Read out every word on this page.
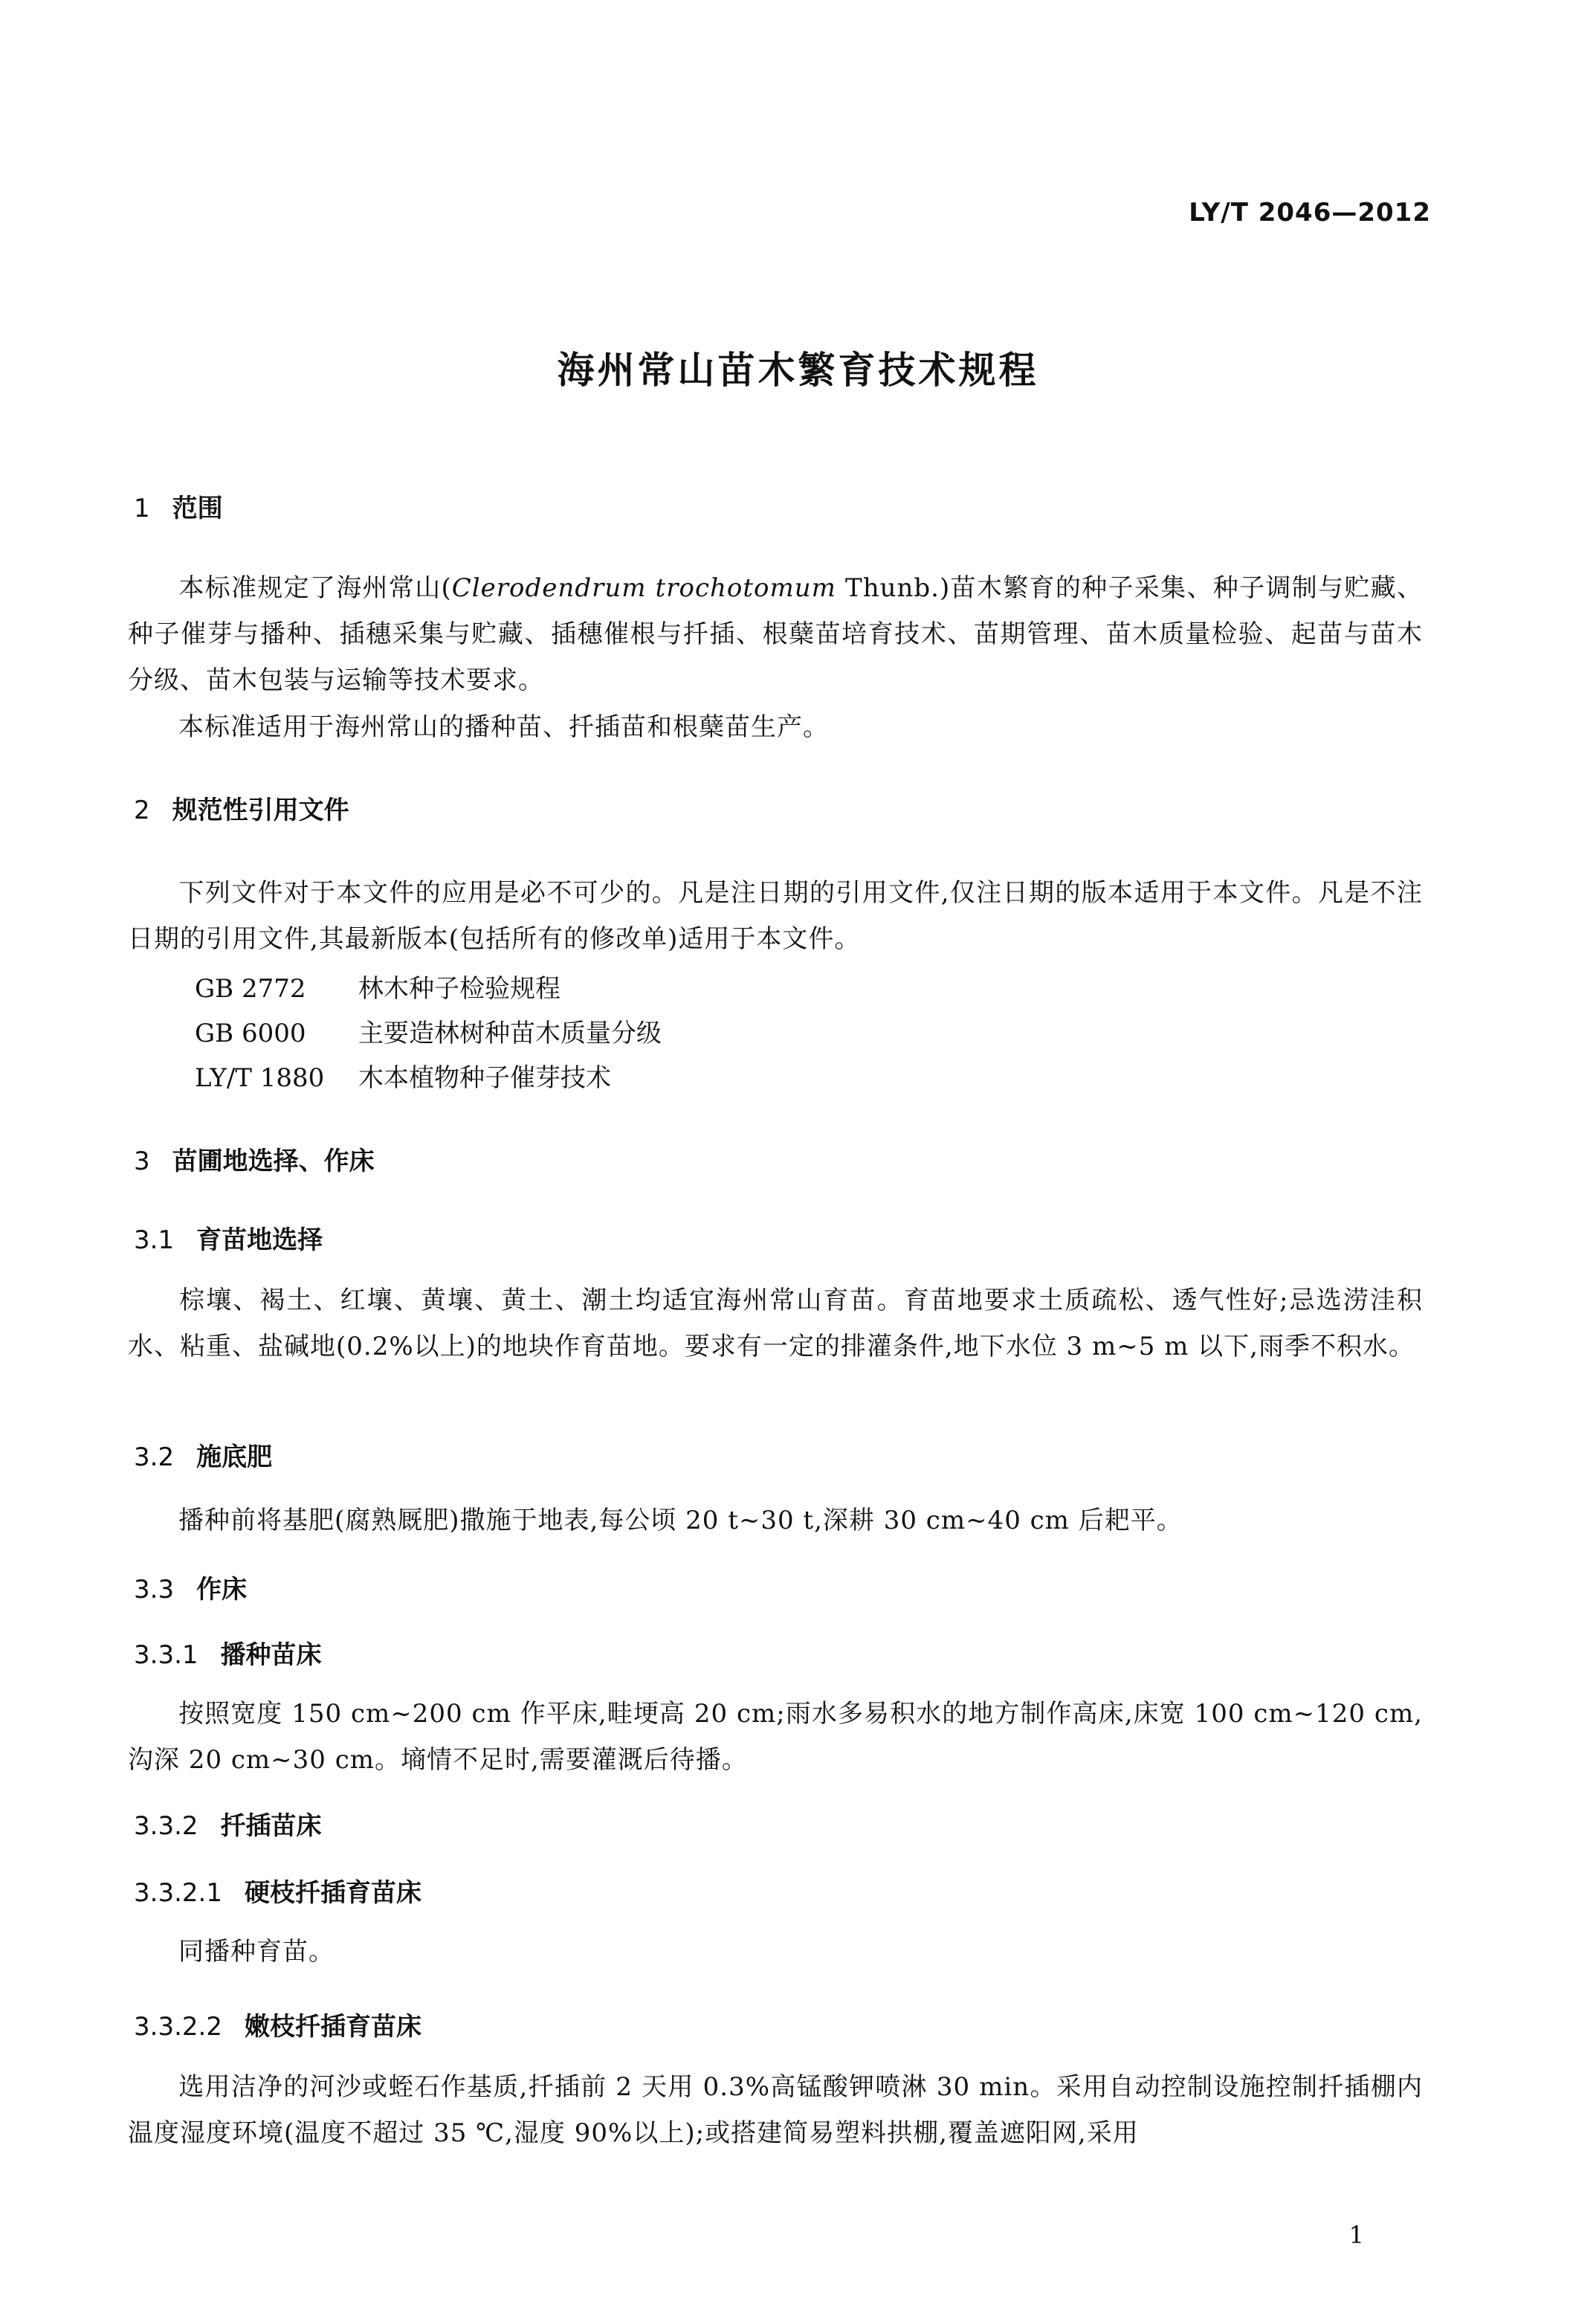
LY/T 2046—2012
海州常山苗木繁育技术规程
1 范围
本标准规定了海州常山(Clerodendrum trochotomum Thunb.)苗木繁育的种子采集、种子调制与贮藏、种子催芽与播种、插穗采集与贮藏、插穗催根与扦插、根蘖苗培育技术、苗期管理、苗木质量检验、起苗与苗木分级、苗木包装与运输等技术要求。
本标准适用于海州常山的播种苗、扦插苗和根蘖苗生产。
2 规范性引用文件
下列文件对于本文件的应用是必不可少的。凡是注日期的引用文件,仅注日期的版本适用于本文件。凡是不注日期的引用文件,其最新版本(包括所有的修改单)适用于本文件。
GB 2772 林木种子检验规程
GB 6000 主要造林树种苗木质量分级
LY/T 1880 木本植物种子催芽技术
3 苗圃地选择、作床
3.1 育苗地选择
棕壤、褐土、红壤、黄壤、黄土、潮土均适宜海州常山育苗。育苗地要求土质疏松、透气性好;忌选涝洼积水、粘重、盐碱地(0.2%以上)的地块作育苗地。要求有一定的排灌条件,地下水位 3 m~5 m 以下,雨季不积水。
3.2 施底肥
播种前将基肥(腐熟厩肥)撒施于地表,每公顷 20 t~30 t,深耕 30 cm~40 cm 后耙平。
3.3 作床
3.3.1 播种苗床
按照宽度 150 cm~200 cm 作平床,畦埂高 20 cm;雨水多易积水的地方制作高床,床宽 100 cm~120 cm,沟深 20 cm~30 cm。墒情不足时,需要灌溉后待播。
3.3.2 扦插苗床
3.3.2.1 硬枝扦插育苗床
同播种育苗。
3.3.2.2 嫩枝扦插育苗床
选用洁净的河沙或蛭石作基质,扦插前 2 天用 0.3%高锰酸钾喷淋 30 min。采用自动控制设施控制扦插棚内温度湿度环境(温度不超过 35 ℃,湿度 90%以上);或搭建简易塑料拱棚,覆盖遮阳网,采用
1
